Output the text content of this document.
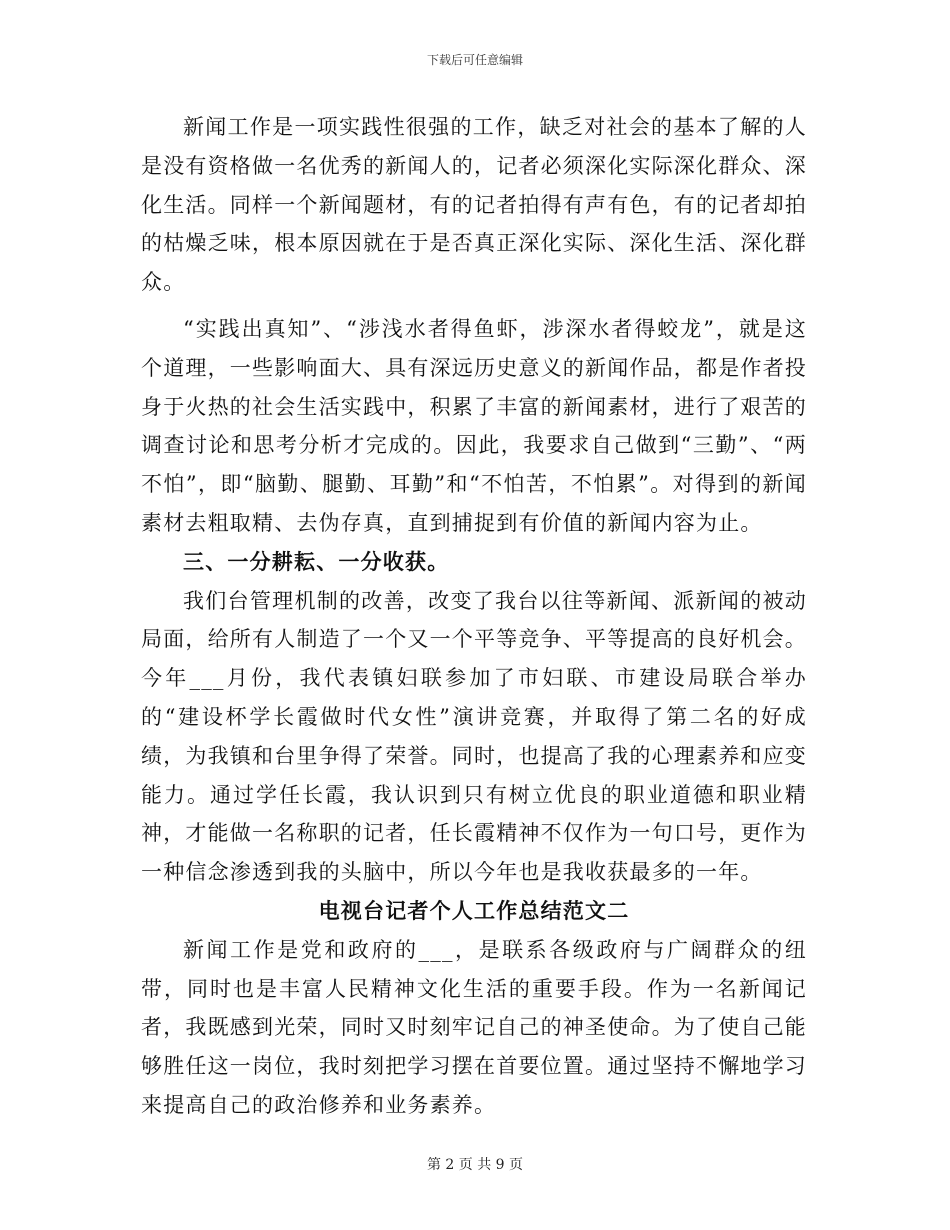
下载后可任意编辑

新闻工作是一项实践性很强的工作，缺乏对社会的基本了解的人是没有资格做一名优秀的新闻人的，记者必须深化实际深化群众、深化生活。同样一个新闻题材，有的记者拍得有声有色，有的记者却拍的枯燥乏味，根本原因就在于是否真正深化实际、深化生活、深化群众。

“实践出真知”、“涉浅水者得鱼虾，涉深水者得蛟龙”，就是这个道理，一些影响面大、具有深远历史意义的新闻作品，都是作者投身于火热的社会生活实践中，积累了丰富的新闻素材，进行了艰苦的调查讨论和思考分析才完成的。因此，我要求自己做到“三勤”、“两不怕”，即“脑勤、腿勤、耳勤”和“不怕苦，不怕累”。对得到的新闻素材去粗取精、去伪存真，直到捕捉到有价值的新闻内容为止。

三、一分耕耘、一分收获。

我们台管理机制的改善，改变了我台以往等新闻、派新闻的被动局面，给所有人制造了一个又一个平等竞争、平等提高的良好机会。今年___月份，我代表镇妇联参加了市妇联、市建设局联合举办的“建设杯学长霞做时代女性”演讲竞赛，并取得了第二名的好成绩，为我镇和台里争得了荣誉。同时，也提高了我的心理素养和应变能力。通过学任长霞，我认识到只有树立优良的职业道德和职业精神，才能做一名称职的记者，任长霞精神不仅作为一句口号，更作为一种信念渗透到我的头脑中，所以今年也是我收获最多的一年。

电视台记者个人工作总结范文二

新闻工作是党和政府的___，是联系各级政府与广阔群众的纽带，同时也是丰富人民精神文化生活的重要手段。作为一名新闻记者，我既感到光荣，同时又时刻牢记自己的神圣使命。为了使自己能够胜任这一岗位，我时刻把学习摆在首要位置。通过坚持不懈地学习来提高自己的政治修养和业务素养。

第 2 页 共 9 页
